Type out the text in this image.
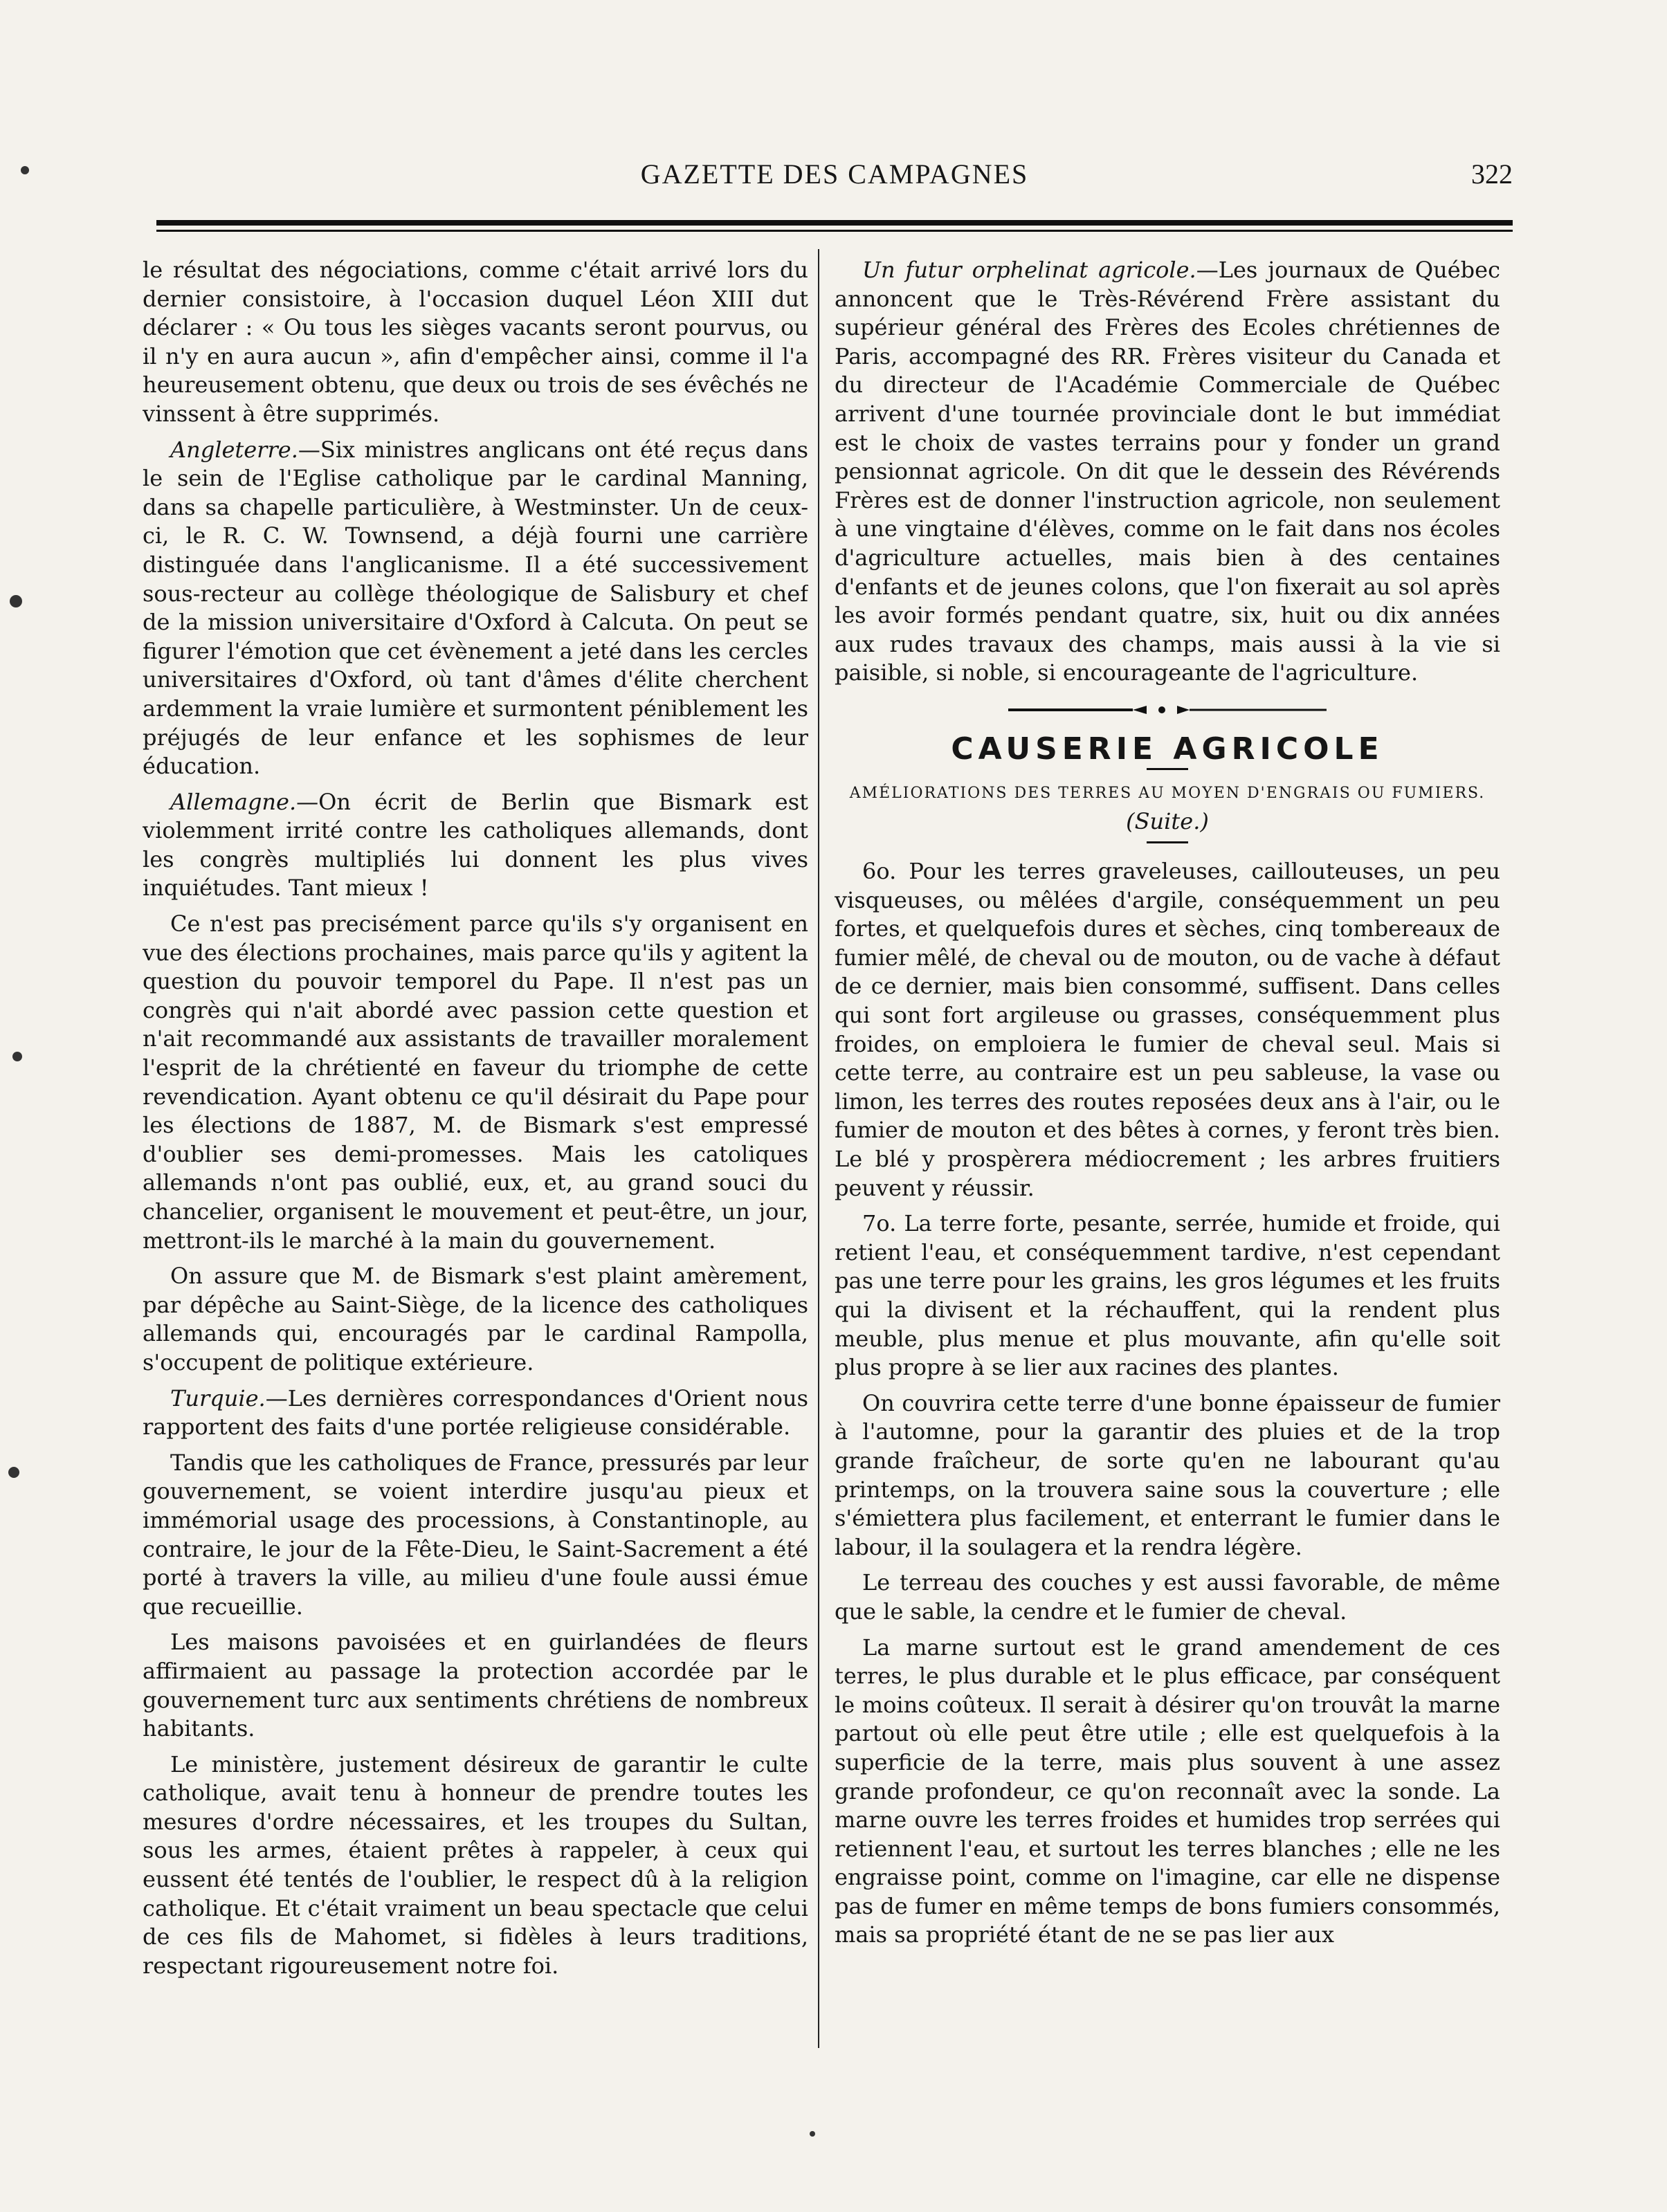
GAZETTE DES CAMPAGNES	322

le résultat des négociations, comme c'était arrivé lors du dernier consistoire, à l'occasion duquel Léon XIII dut déclarer : « Ou tous les sièges vacants seront pourvus, ou il n'y en aura aucun », afin d'empêcher ainsi, comme il l'a heureusement obtenu, que deux ou trois de ses évêchés ne vinssent à être supprimés.

Angleterre.—Six ministres anglicans ont été reçus dans le sein de l'Eglise catholique par le cardinal Manning, dans sa chapelle particulière, à Westminster. Un de ceux-ci, le R. C. W. Townsend, a déjà fourni une carrière distinguée dans l'anglicanisme. Il a été successivement sous-recteur au collège théologique de Salisbury et chef de la mission universitaire d'Oxford à Calcuta. On peut se figurer l'émotion que cet évènement a jeté dans les cercles universitaires d'Oxford, où tant d'âmes d'élite cherchent ardemment la vraie lumière et surmontent péniblement les préjugés de leur enfance et les sophismes de leur éducation.

Allemagne.—On écrit de Berlin que Bismark est violemment irrité contre les catholiques allemands, dont les congrès multipliés lui donnent les plus vives inquiétudes. Tant mieux !

Ce n'est pas precisément parce qu'ils s'y organisent en vue des élections prochaines, mais parce qu'ils y agitent la question du pouvoir temporel du Pape. Il n'est pas un congrès qui n'ait abordé avec passion cette question et n'ait recommandé aux assistants de travailler moralement l'esprit de la chrétienté en faveur du triomphe de cette revendication. Ayant obtenu ce qu'il désirait du Pape pour les élections de 1887, M. de Bismark s'est empressé d'oublier ses demi-promesses. Mais les catoliques allemands n'ont pas oublié, eux, et, au grand souci du chancelier, organisent le mouvement et peut-être, un jour, mettront-ils le marché à la main du gouvernement.

On assure que M. de Bismark s'est plaint amèrement, par dépêche au Saint-Siège, de la licence des catholiques allemands qui, encouragés par le cardinal Rampolla, s'occupent de politique extérieure.

Turquie.—Les dernières correspondances d'Orient nous rapportent des faits d'une portée religieuse considérable.

Tandis que les catholiques de France, pressurés par leur gouvernement, se voient interdire jusqu'au pieux et immémorial usage des processions, à Constantinople, au contraire, le jour de la Fête-Dieu, le Saint-Sacrement a été porté à travers la ville, au milieu d'une foule aussi émue que recueillie.

Les maisons pavoisées et en guirlandées de fleurs affirmaient au passage la protection accordée par le gouvernement turc aux sentiments chrétiens de nombreux habitants.

Le ministère, justement désireux de garantir le culte catholique, avait tenu à honneur de prendre toutes les mesures d'ordre nécessaires, et les troupes du Sultan, sous les armes, étaient prêtes à rappeler, à ceux qui eussent été tentés de l'oublier, le respect dû à la religion catholique. Et c'était vraiment un beau spectacle que celui de ces fils de Mahomet, si fidèles à leurs traditions, respectant rigoureusement notre foi.

Un futur orphelinat agricole.—Les journaux de Québec annoncent que le Très-Révérend Frère assistant du supérieur général des Frères des Ecoles chrétiennes de Paris, accompagné des RR. Frères visiteur du Canada et du directeur de l'Académie Commerciale de Québec arrivent d'une tournée provinciale dont le but immédiat est le choix de vastes terrains pour y fonder un grand pensionnat agricole. On dit que le dessein des Révérends Frères est de donner l'instruction agricole, non seulement à une vingtaine d'élèves, comme on le fait dans nos écoles d'agriculture actuelles, mais bien à des centaines d'enfants et de jeunes colons, que l'on fixerait au sol après les avoir formés pendant quatre, six, huit ou dix années aux rudes travaux des champs, mais aussi à la vie si paisible, si noble, si encourageante de l'agriculture.

CAUSERIE AGRICOLE
AMÉLIORATIONS DES TERRES AU MOYEN D'ENGRAIS OU FUMIERS.
(Suite.)

6o. Pour les terres graveleuses, caillouteuses, un peu visqueuses, ou mêlées d'argile, conséquemment un peu fortes, et quelquefois dures et sèches, cinq tombereaux de fumier mêlé, de cheval ou de mouton, ou de vache à défaut de ce dernier, mais bien consommé, suffisent. Dans celles qui sont fort argileuse ou grasses, conséquemment plus froides, on emploiera le fumier de cheval seul. Mais si cette terre, au contraire est un peu sableuse, la vase ou limon, les terres des routes reposées deux ans à l'air, ou le fumier de mouton et des bêtes à cornes, y feront très bien. Le blé y prospèrera médiocrement ; les arbres fruitiers peuvent y réussir.

7o. La terre forte, pesante, serrée, humide et froide, qui retient l'eau, et conséquemment tardive, n'est cependant pas une terre pour les grains, les gros légumes et les fruits qui la divisent et la réchauffent, qui la rendent plus meuble, plus menue et plus mouvante, afin qu'elle soit plus propre à se lier aux racines des plantes.

On couvrira cette terre d'une bonne épaisseur de fumier à l'automne, pour la garantir des pluies et de la trop grande fraîcheur, de sorte qu'en ne labourant qu'au printemps, on la trouvera saine sous la couverture ; elle s'émiettera plus facilement, et enterrant le fumier dans le labour, il la soulagera et la rendra légère.

Le terreau des couches y est aussi favorable, de même que le sable, la cendre et le fumier de cheval.

La marne surtout est le grand amendement de ces terres, le plus durable et le plus efficace, par conséquent le moins coûteux. Il serait à désirer qu'on trouvât la marne partout où elle peut être utile ; elle est quelquefois à la superficie de la terre, mais plus souvent à une assez grande profondeur, ce qu'on reconnaît avec la sonde. La marne ouvre les terres froides et humides trop serrées qui retiennent l'eau, et surtout les terres blanches ; elle ne les engraisse point, comme on l'imagine, car elle ne dispense pas de fumer en même temps de bons fumiers consommés, mais sa propriété étant de ne se pas lier aux
